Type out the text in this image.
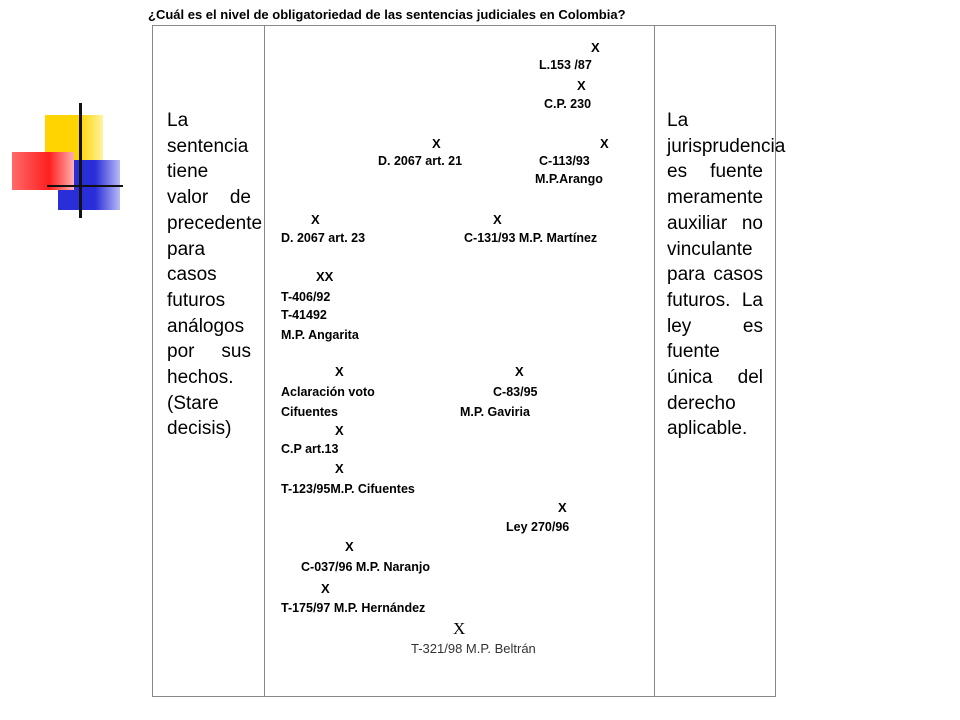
¿Cuál es el nivel de obligatoriedad de las sentencias judiciales en Colombia?
La sentencia tiene valor de precedente para casos futuros análogos por sus hechos. (Stare decisis)
X
L.153 /87
X
C.P. 230
X	X
D. 2067 art. 21	C-113/93
M.P.Arango
X	X
D. 2067 art. 23	C-131/93 M.P. Martínez
XX
T-406/92
T-41492
M.P. Angarita
X	X
Aclaración voto	C-83/95
Cifuentes	M.P. Gaviria
X
C.P art.13
X
T-123/95M.P. Cifuentes
X
Ley 270/96
X
C-037/96 M.P. Naranjo
X
T-175/97 M.P. Hernández
X
T-321/98 M.P. Beltrán
La jurisprudencia es fuente meramente auxiliar no vinculante para casos futuros. La ley es fuente única del derecho aplicable.
